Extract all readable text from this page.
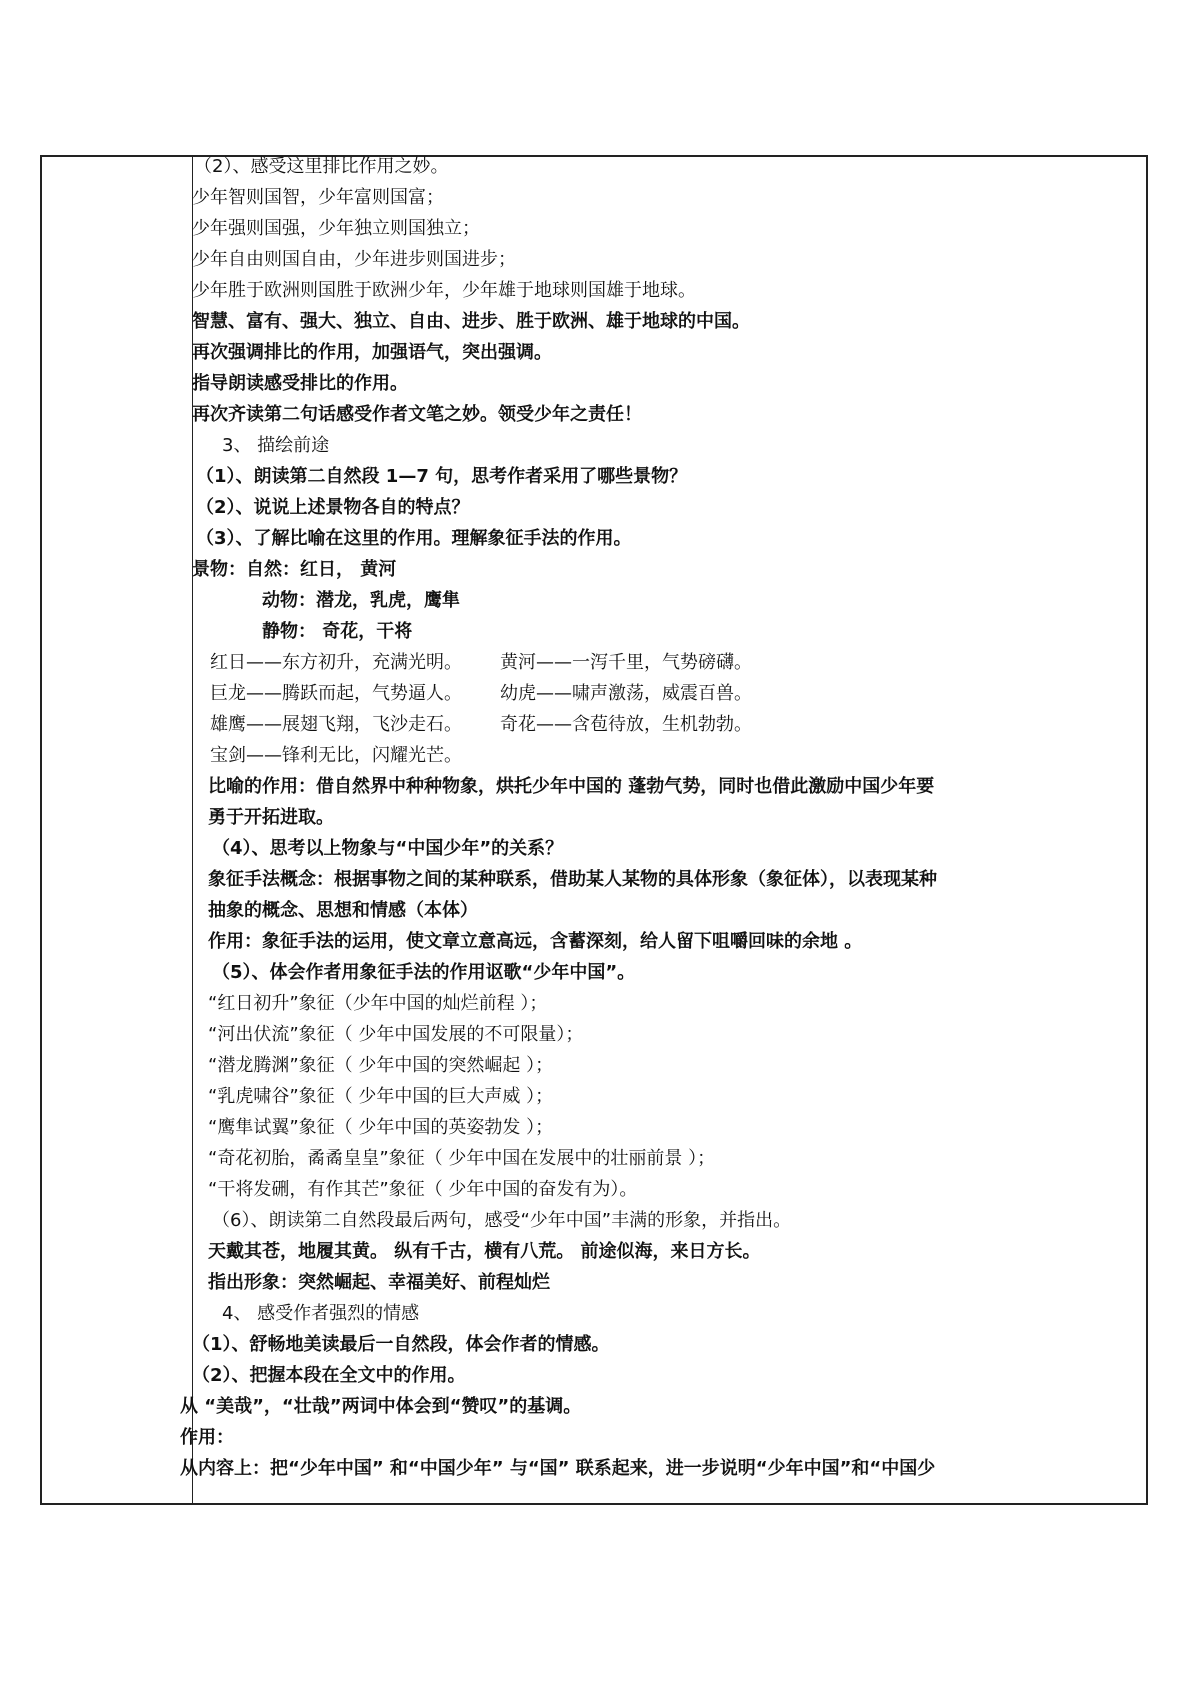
（2）、感受这里排比作用之妙。
少年智则国智，少年富则国富；
少年强则国强，少年独立则国独立；
少年自由则国自由，少年进步则国进步；
少年胜于欧洲则国胜于欧洲少年，少年雄于地球则国雄于地球。
智慧、富有、强大、独立、自由、进步、胜于欧洲、雄于地球的中国。
再次强调排比的作用，加强语气，突出强调。
指导朗读感受排比的作用。
再次齐读第二句话感受作者文笔之妙。领受少年之责任！
3、 描绘前途
（1）、朗读第二自然段 1—7 句，思考作者采用了哪些景物？
（2）、说说上述景物各自的特点？
（3）、了解比喻在这里的作用。理解象征手法的作用。
景物：自然：红日， 黄河
动物：潜龙，乳虎，鹰隼
静物： 奇花，干将
红日——东方初升，充满光明。 黄河——一泻千里，气势磅礴。
巨龙——腾跃而起，气势逼人。 幼虎——啸声激荡，威震百兽。
雄鹰——展翅飞翔，飞沙走石。 奇花——含苞待放，生机勃勃。
宝剑——锋利无比，闪耀光芒。
比喻的作用：借自然界中种种物象，烘托少年中国的 蓬勃气势，同时也借此激励中国少年要
勇于开拓进取。
（4）、思考以上物象与“中国少年”的关系？
象征手法概念：根据事物之间的某种联系，借助某人某物的具体形象（象征体），以表现某种
抽象的概念、思想和情感（本体）
作用：象征手法的运用，使文章立意高远，含蓄深刻，给人留下咀嚼回味的余地 。
（5）、体会作者用象征手法的作用讴歌“少年中国”。
“红日初升”象征（少年中国的灿烂前程 ）；
“河出伏流”象征（ 少年中国发展的不可限量）；
“潜龙腾渊”象征（ 少年中国的突然崛起 ）；
“乳虎啸谷”象征（ 少年中国的巨大声威 ）；
“鹰隼试翼”象征（ 少年中国的英姿勃发 ）；
“奇花初胎，矞矞皇皇”象征（ 少年中国在发展中的壮丽前景 ）；
“干将发硎，有作其芒”象征（ 少年中国的奋发有为）。
（6）、朗读第二自然段最后两句，感受“少年中国”丰满的形象，并指出。
天戴其苍，地履其黄。 纵有千古，横有八荒。 前途似海，来日方长。
指出形象：突然崛起、幸福美好、前程灿烂
4、 感受作者强烈的情感
（1）、舒畅地美读最后一自然段，体会作者的情感。
（2）、把握本段在全文中的作用。
从 “美哉”，“壮哉”两词中体会到“赞叹”的基调。
作用：
从内容上：把“少年中国” 和“中国少年” 与“国” 联系起来，进一步说明“少年中国”和“中国少
